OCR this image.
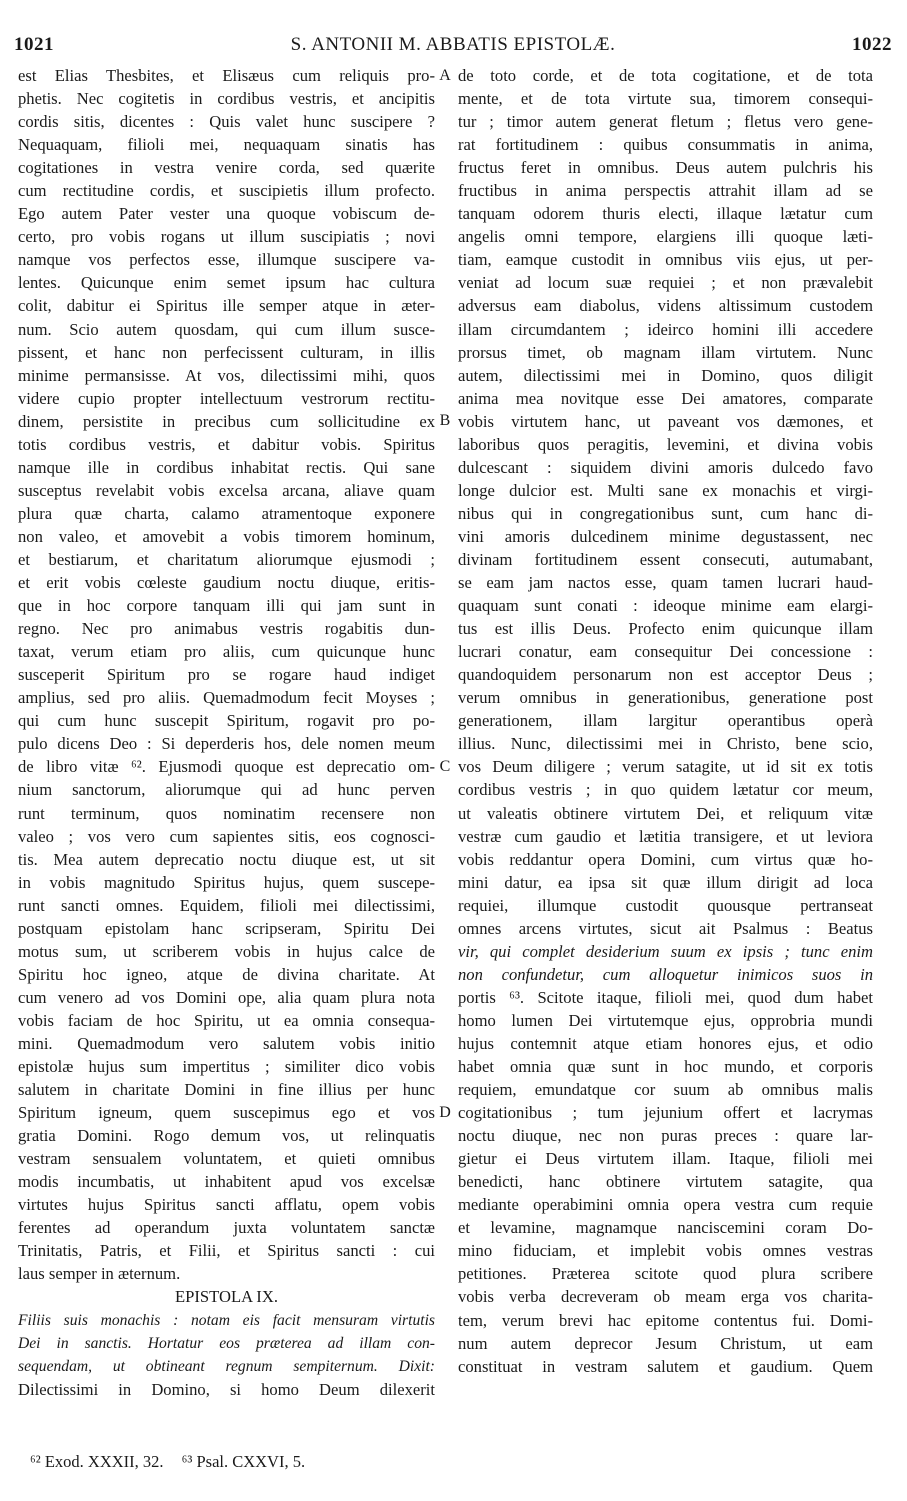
1021	S. ANTONII M. ABBATIS EPISTOLÆ.	1022
est Elias Thesbites, et Elisæus cum reliquis pro-
phetis. Nec cogitetis in cordibus vestris, et ancipitis
cordis sitis, dicentes : Quis valet hunc suscipere ?
Nequaquam, filioli mei, nequaquam sinatis has
cogitationes in vestra venire corda, sed quærite
cum rectitudine cordis, et suscipietis illum profecto.
Ego autem Pater vester una quoque vobiscum de-
certo, pro vobis rogans ut illum suscipiatis ; novi
namque vos perfectos esse, illumque suscipere va-
lentes. Quicunque enim semet ipsum hac cultura
colit, dabitur ei Spiritus ille semper atque in æter-
num. Scio autem quosdam, qui cum illum susce-
pissent, et hanc non perfecissent culturam, in illis
minime permansisse. At vos, dilectissimi mihi, quos
videre cupio propter intellectuum vestrorum rectitu-
dinem, persistite in precibus cum sollicitudine ex
totis cordibus vestris, et dabitur vobis. Spiritus
namque ille in cordibus inhabitat rectis. Qui sane
susceptus revelabit vobis excelsa arcana, aliave quam
plura quæ charta, calamo atramentoque exponere
non valeo, et amovebit a vobis timorem hominum,
et bestiarum, et charitatum aliorumque ejusmodi ;
et erit vobis cœleste gaudium noctu diuque, eritis-
que in hoc corpore tanquam illi qui jam sunt in
regno. Nec pro animabus vestris rogabitis dun-
taxat, verum etiam pro aliis, cum quicunque hunc
susceperit Spiritum pro se rogare haud indiget
amplius, sed pro aliis. Quemadmodum fecit Moyses ;
qui cum hunc suscepit Spiritum, rogavit pro po-
pulo dicens Deo : Si deperderis hos, dele nomen meum
de libro vitæ ⁶². Ejusmodi quoque est deprecatio om-
nium sanctorum, aliorumque qui ad hunc perven
runt terminum, quos nominatim recensere non
valeo ; vos vero cum sapientes sitis, eos cognosci-
tis. Mea autem deprecatio noctu diuque est, ut sit
in vobis magnitudo Spiritus hujus, quem suscepe-
runt sancti omnes. Equidem, filioli mei dilectissimi,
postquam epistolam hanc scripseram, Spiritu Dei
motus sum, ut scriberem vobis in hujus calce de
Spiritu hoc igneo, atque de divina charitate. At
cum venero ad vos Domini ope, alia quam plura nota
vobis faciam de hoc Spiritu, ut ea omnia consequa-
mini. Quemadmodum vero salutem vobis initio
epistolæ hujus sum impertitus ; similiter dico vobis
salutem in charitate Domini in fine illius per hunc
Spiritum igneum, quem suscepimus ego et vos
gratia Domini. Rogo demum vos, ut relinquatis
vestram sensualem voluntatem, et quieti omnibus
modis incumbatis, ut inhabitent apud vos excelsæ
virtutes hujus Spiritus sancti afflatu, opem vobis
ferentes ad operandum juxta voluntatem sanctæ
Trinitatis, Patris, et Filii, et Spiritus sancti : cui
laus semper in æternum.
EPISTOLA IX.
Filiis suis monachis : notam eis facit mensuram virtutis
Dei in sanctis. Hortatur eos præterea ad illam con-
sequendam, ut obtineant regnum sempiternum. Dixit:
Dilectissimi in Domino, si homo Deum dilexerit
de toto corde, et de tota cogitatione, et de tota
mente, et de tota virtute sua, timorem consequi-
tur ; timor autem generat fletum ; fletus vero gene-
rat fortitudinem : quibus consummatis in anima,
fructus feret in omnibus. Deus autem pulchris his
fructibus in anima perspectis attrahit illam ad se
tanquam odorem thuris electi, illaque lætatur cum
angelis omni tempore, elargiens illi quoque læti-
tiam, eamque custodit in omnibus viis ejus, ut per-
veniat ad locum suæ requiei ; et non prævalebit
adversus eam diabolus, videns altissimum custodem
illam circumdantem ; ideirco homini illi accedere
prorsus timet, ob magnam illam virtutem. Nunc
autem, dilectissimi mei in Domino, quos diligit
anima mea novitque esse Dei amatores, comparate
vobis virtutem hanc, ut paveant vos dæmones, et
laboribus quos peragitis, levemini, et divina vobis
dulcescant : siquidem divini amoris dulcedo favo
longe dulcior est. Multi sane ex monachis et virgi-
nibus qui in congregationibus sunt, cum hanc di-
vini amoris dulcedinem minime degustassent, nec
divinam fortitudinem essent consecuti, autumabant,
se eam jam nactos esse, quam tamen lucrari haud-
quaquam sunt conati : ideoque minime eam elargi-
tus est illis Deus. Profecto enim quicunque illam
lucrari conatur, eam consequitur Dei concessione :
quandoquidem personarum non est acceptor Deus ;
verum omnibus in generationibus, generatione post
generationem, illam largitur operantibus operà
illius. Nunc, dilectissimi mei in Christo, bene scio,
vos Deum diligere ; verum satagite, ut id sit ex totis
cordibus vestris ; in quo quidem lætatur cor meum,
ut valeatis obtinere virtutem Dei, et reliquum vitæ
vestræ cum gaudio et lætitia transigere, et ut leviora
vobis reddantur opera Domini, cum virtus quæ ho-
mini datur, ea ipsa sit quæ illum dirigit ad loca
requiei, illumque custodit quousque pertranseat
omnes arcens virtutes, sicut ait Psalmus : Beatus
vir, qui complet desiderium suum ex ipsis ; tunc enim
non confundetur, cum alloquetur inimicos suos in
portis ⁶³. Scitote itaque, filioli mei, quod dum habet
homo lumen Dei virtutemque ejus, opprobria mundi
hujus contemnit atque etiam honores ejus, et odio
habet omnia quæ sunt in hoc mundo, et corporis
requiem, emundatque cor suum ab omnibus malis
cogitationibus ; tum jejunium offert et lacrymas
noctu diuque, nec non puras preces : quare lar-
gietur ei Deus virtutem illam. Itaque, filioli mei
benedicti, hanc obtinere virtutem satagite, qua
mediante operabimini omnia opera vestra cum requie
et levamine, magnamque nanciscemini coram Do-
mino fiduciam, et implebit vobis omnes vestras
petitiones. Præterea scitote quod plura scribere
vobis verba decreveram ob meam erga vos charita-
tem, verum brevi hac epitome contentus fui. Domi-
num autem deprecor Jesum Christum, ut eam
constituat in vestram salutem et gaudium. Quem
A
B
C
D
⁶² Exod. XXXII, 32. ⁶³ Psal. CXXVI, 5.
